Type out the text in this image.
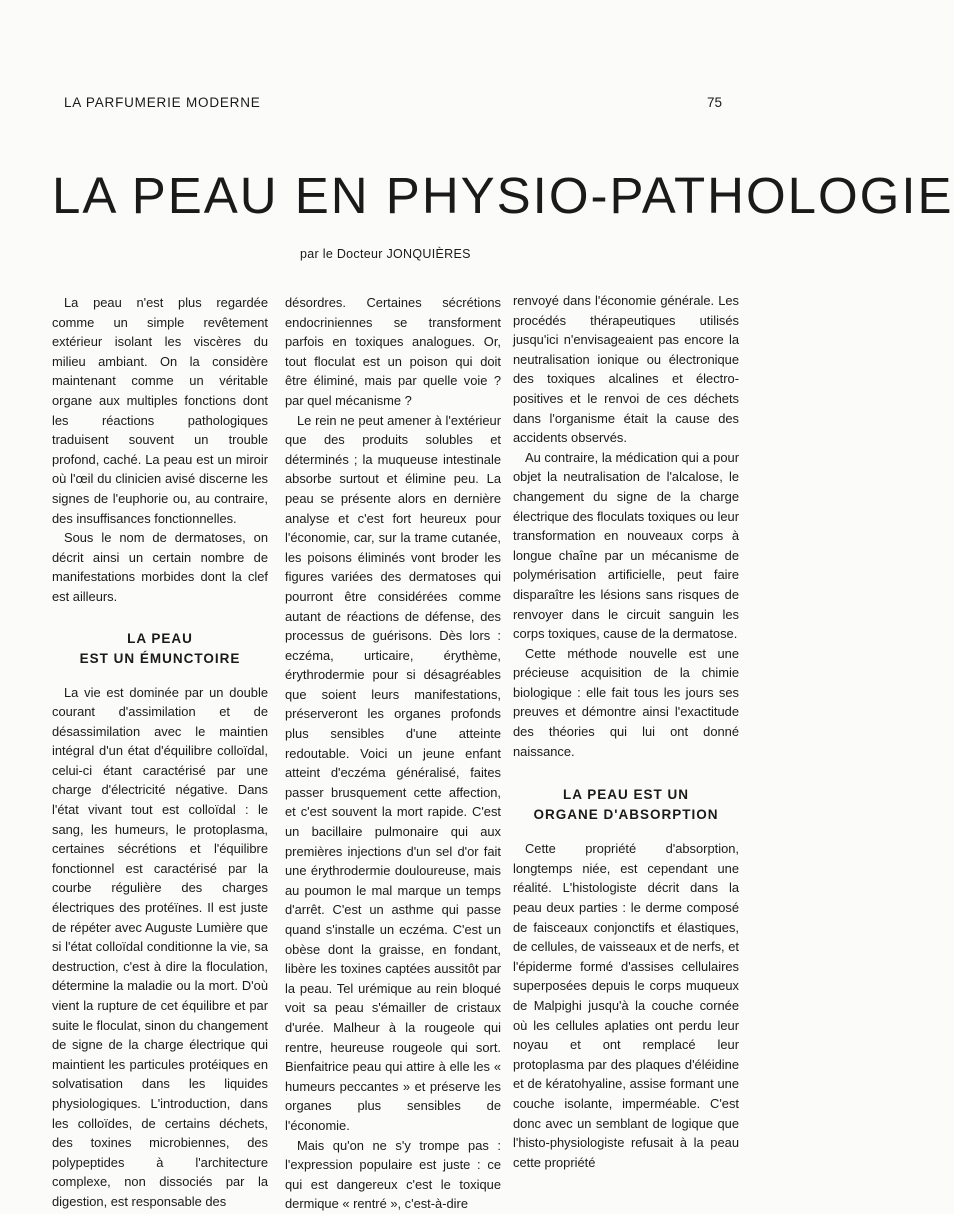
LA PARFUMERIE MODERNE	75
LA PEAU EN PHYSIO-PATHOLOGIE
par le Docteur JONQUIÈRES

La peau n'est plus regardée comme un simple revêtement extérieur isolant les viscères du milieu ambiant. On la considère maintenant comme un véritable organe aux multiples fonctions dont les réactions pathologiques traduisent souvent un trouble profond, caché. La peau est un miroir où l'œil du clinicien avisé discerne les signes de l'euphorie ou, au contraire, des insuffisances fonctionnelles.

Sous le nom de dermatoses, on décrit ainsi un certain nombre de manifestations morbides dont la clef est ailleurs.

LA PEAU
EST UN ÉMUNCTOIRE

La vie est dominée par un double courant d'assimilation et de désassimilation avec le maintien intégral d'un état d'équilibre colloïdal, celui-ci étant caractérisé par une charge d'électricité négative. Dans l'état vivant tout est colloïdal : le sang, les humeurs, le protoplasma, certaines sécrétions et l'équilibre fonctionnel est caractérisé par la courbe régulière des charges électriques des protéïnes. Il est juste de répéter avec Auguste Lumière que si l'état colloïdal conditionne la vie, sa destruction, c'est à dire la floculation, détermine la maladie ou la mort. D'où vient la rupture de cet équilibre et par suite le floculat, sinon du changement de signe de la charge électrique qui maintient les particules protéiques en solvatisation dans les liquides physiologiques. L'introduction, dans les colloïdes, de certains déchets, des toxines microbiennes, des polypeptides à l'architecture complexe, non dissociés par la digestion, est responsable des

désordres. Certaines sécrétions endocriniennes se transforment parfois en toxiques analogues. Or, tout floculat est un poison qui doit être éliminé, mais par quelle voie ? par quel mécanisme ?

Le rein ne peut amener à l'extérieur que des produits solubles et déterminés ; la muqueuse intestinale absorbe surtout et élimine peu. La peau se présente alors en dernière analyse et c'est fort heureux pour l'économie, car, sur la trame cutanée, les poisons éliminés vont broder les figures variées des dermatoses qui pourront être considérées comme autant de réactions de défense, des processus de guérisons. Dès lors : eczéma, urticaire, érythème, érythrodermie pour si désagréables que soient leurs manifestations, préserveront les organes profonds plus sensibles d'une atteinte redoutable. Voici un jeune enfant atteint d'eczéma généralisé, faites passer brusquement cette affection, et c'est souvent la mort rapide. C'est un bacillaire pulmonaire qui aux premières injections d'un sel d'or fait une érythrodermie douloureuse, mais au poumon le mal marque un temps d'arrêt. C'est un asthme qui passe quand s'installe un eczéma. C'est un obèse dont la graisse, en fondant, libère les toxines captées aussitôt par la peau. Tel urémique au rein bloqué voit sa peau s'émailler de cristaux d'urée. Malheur à la rougeole qui rentre, heureuse rougeole qui sort. Bienfaitrice peau qui attire à elle les « humeurs peccantes » et préserve les organes plus sensibles de l'économie.

Mais qu'on ne s'y trompe pas : l'expression populaire est juste : ce qui est dangereux c'est le toxique dermique « rentré », c'est-à-dire

renvoyé dans l'économie générale. Les procédés thérapeutiques utilisés jusqu'ici n'envisageaient pas encore la neutralisation ionique ou électronique des toxiques alcalines et électro-positives et le renvoi de ces déchets dans l'organisme était la cause des accidents observés.

Au contraire, la médication qui a pour objet la neutralisation de l'alcalose, le changement du signe de la charge électrique des floculats toxiques ou leur transformation en nouveaux corps à longue chaîne par un mécanisme de polymérisation artificielle, peut faire disparaître les lésions sans risques de renvoyer dans le circuit sanguin les corps toxiques, cause de la dermatose.

Cette méthode nouvelle est une précieuse acquisition de la chimie biologique : elle fait tous les jours ses preuves et démontre ainsi l'exactitude des théories qui lui ont donné naissance.

LA PEAU EST UN
ORGANE D'ABSORPTION

Cette propriété d'absorption, longtemps niée, est cependant une réalité. L'histologiste décrit dans la peau deux parties : le derme composé de faisceaux conjonctifs et élastiques, de cellules, de vaisseaux et de nerfs, et l'épiderme formé d'assises cellulaires superposées depuis le corps muqueux de Malpighi jusqu'à la couche cornée où les cellules aplaties ont perdu leur noyau et ont remplacé leur protoplasma par des plaques d'éléidine et de kératohyaline, assise formant une couche isolante, imperméable. C'est donc avec un semblant de logique que l'histo-physiologiste refusait à la peau cette propriété
